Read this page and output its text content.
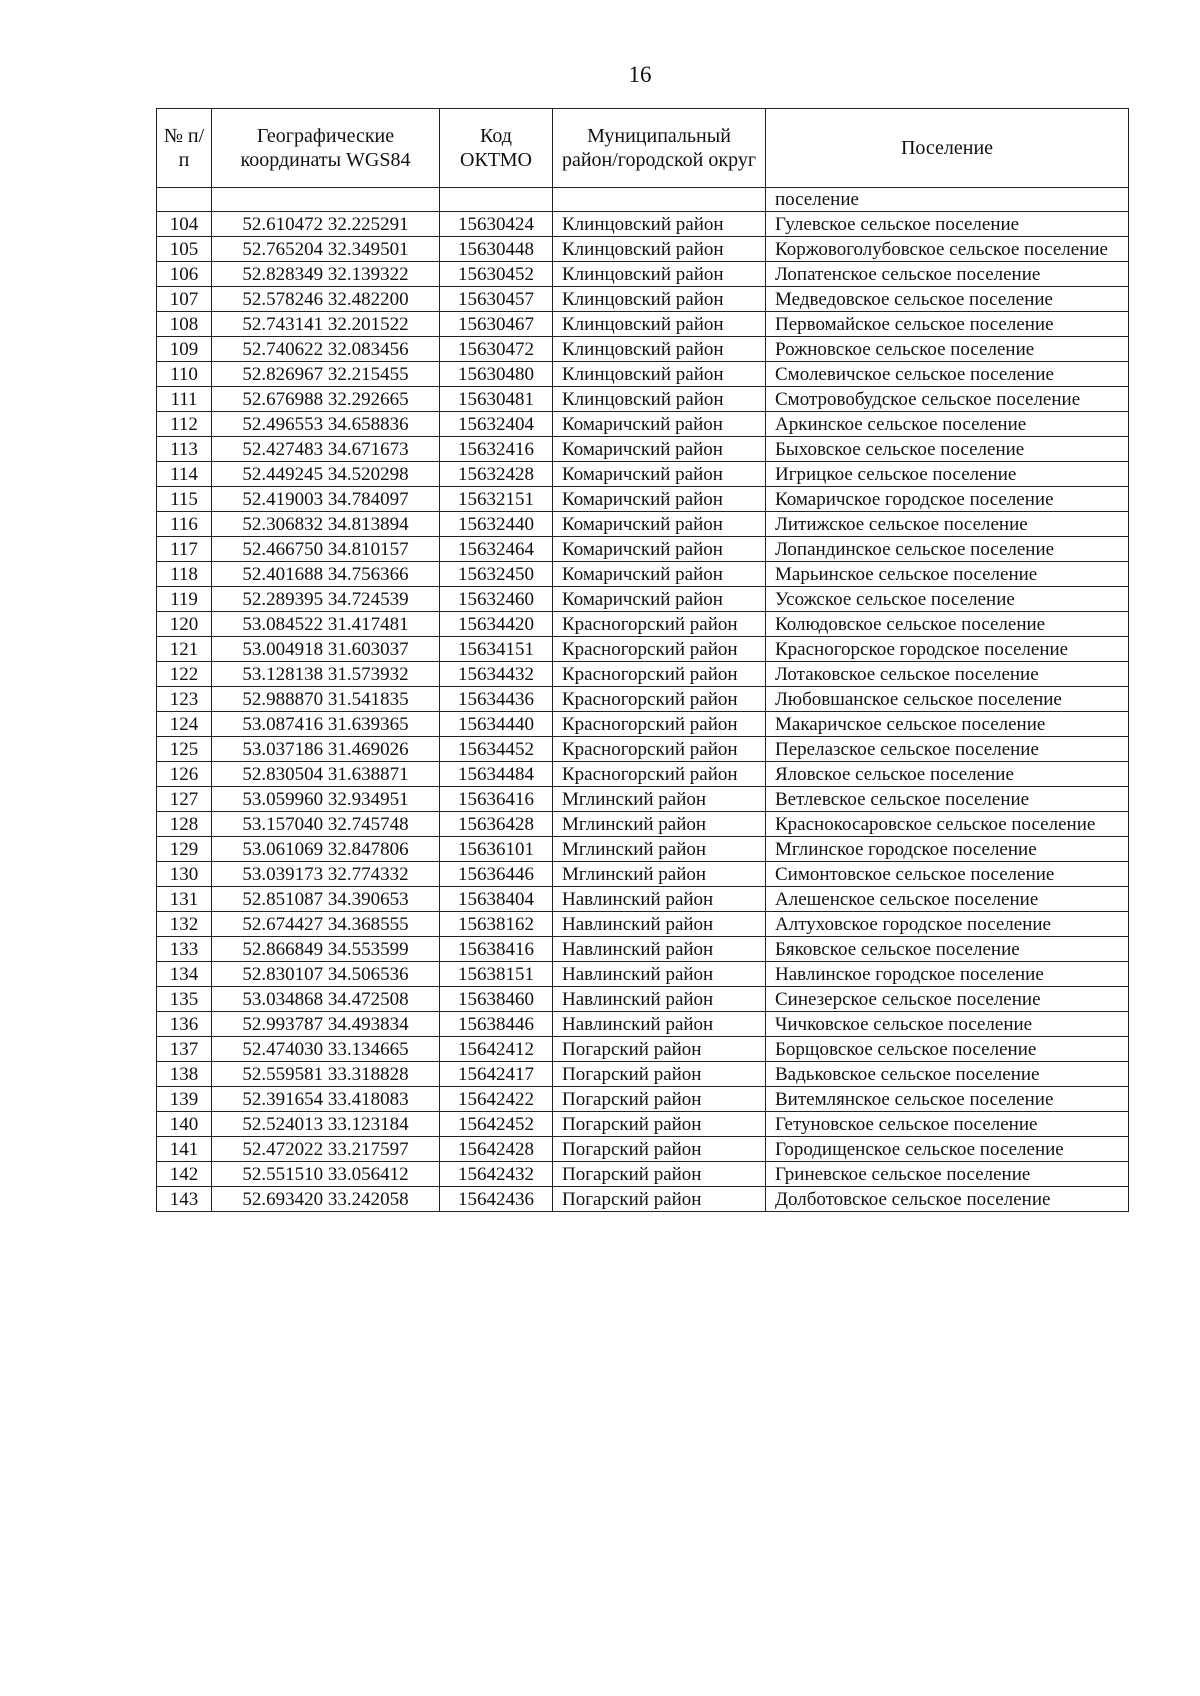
16
№ п/п	Географические координаты WGS84	Код ОКТМО	Муниципальный район/городской округ	Поселение
				поселение
104	52.610472 32.225291	15630424	Клинцовский район	Гулевское сельское поселение
105	52.765204 32.349501	15630448	Клинцовский район	Коржовоголубовское сельское поселение
106	52.828349 32.139322	15630452	Клинцовский район	Лопатенское сельское поселение
107	52.578246 32.482200	15630457	Клинцовский район	Медведовское сельское поселение
108	52.743141 32.201522	15630467	Клинцовский район	Первомайское сельское поселение
109	52.740622 32.083456	15630472	Клинцовский район	Рожновское сельское поселение
110	52.826967 32.215455	15630480	Клинцовский район	Смолевичское сельское поселение
111	52.676988 32.292665	15630481	Клинцовский район	Смотровобудское сельское поселение
112	52.496553 34.658836	15632404	Комаричский район	Аркинское сельское поселение
113	52.427483 34.671673	15632416	Комаричский район	Быховское сельское поселение
114	52.449245 34.520298	15632428	Комаричский район	Игрицкое сельское поселение
115	52.419003 34.784097	15632151	Комаричский район	Комаричское городское поселение
116	52.306832 34.813894	15632440	Комаричский район	Литижское сельское поселение
117	52.466750 34.810157	15632464	Комаричский район	Лопандинское сельское поселение
118	52.401688 34.756366	15632450	Комаричский район	Марьинское сельское поселение
119	52.289395 34.724539	15632460	Комаричский район	Усожское сельское поселение
120	53.084522 31.417481	15634420	Красногорский район	Колюдовское сельское поселение
121	53.004918 31.603037	15634151	Красногорский район	Красногорское городское поселение
122	53.128138 31.573932	15634432	Красногорский район	Лотаковское сельское поселение
123	52.988870 31.541835	15634436	Красногорский район	Любовшанское сельское поселение
124	53.087416 31.639365	15634440	Красногорский район	Макаричское сельское поселение
125	53.037186 31.469026	15634452	Красногорский район	Перелазское сельское поселение
126	52.830504 31.638871	15634484	Красногорский район	Яловское сельское поселение
127	53.059960 32.934951	15636416	Мглинский район	Ветлевское сельское поселение
128	53.157040 32.745748	15636428	Мглинский район	Краснокосаровское сельское поселение
129	53.061069 32.847806	15636101	Мглинский район	Мглинское городское поселение
130	53.039173 32.774332	15636446	Мглинский район	Симонтовское сельское поселение
131	52.851087 34.390653	15638404	Навлинский район	Алешенское сельское поселение
132	52.674427 34.368555	15638162	Навлинский район	Алтуховское городское поселение
133	52.866849 34.553599	15638416	Навлинский район	Бяковское сельское поселение
134	52.830107 34.506536	15638151	Навлинский район	Навлинское городское поселение
135	53.034868 34.472508	15638460	Навлинский район	Синезерское сельское поселение
136	52.993787 34.493834	15638446	Навлинский район	Чичковское сельское поселение
137	52.474030 33.134665	15642412	Погарский район	Борщовское сельское поселение
138	52.559581 33.318828	15642417	Погарский район	Вадьковское сельское поселение
139	52.391654 33.418083	15642422	Погарский район	Витемлянское сельское поселение
140	52.524013 33.123184	15642452	Погарский район	Гетуновское сельское поселение
141	52.472022 33.217597	15642428	Погарский район	Городищенское сельское поселение
142	52.551510 33.056412	15642432	Погарский район	Гриневское сельское поселение
143	52.693420 33.242058	15642436	Погарский район	Долботовское сельское поселение
